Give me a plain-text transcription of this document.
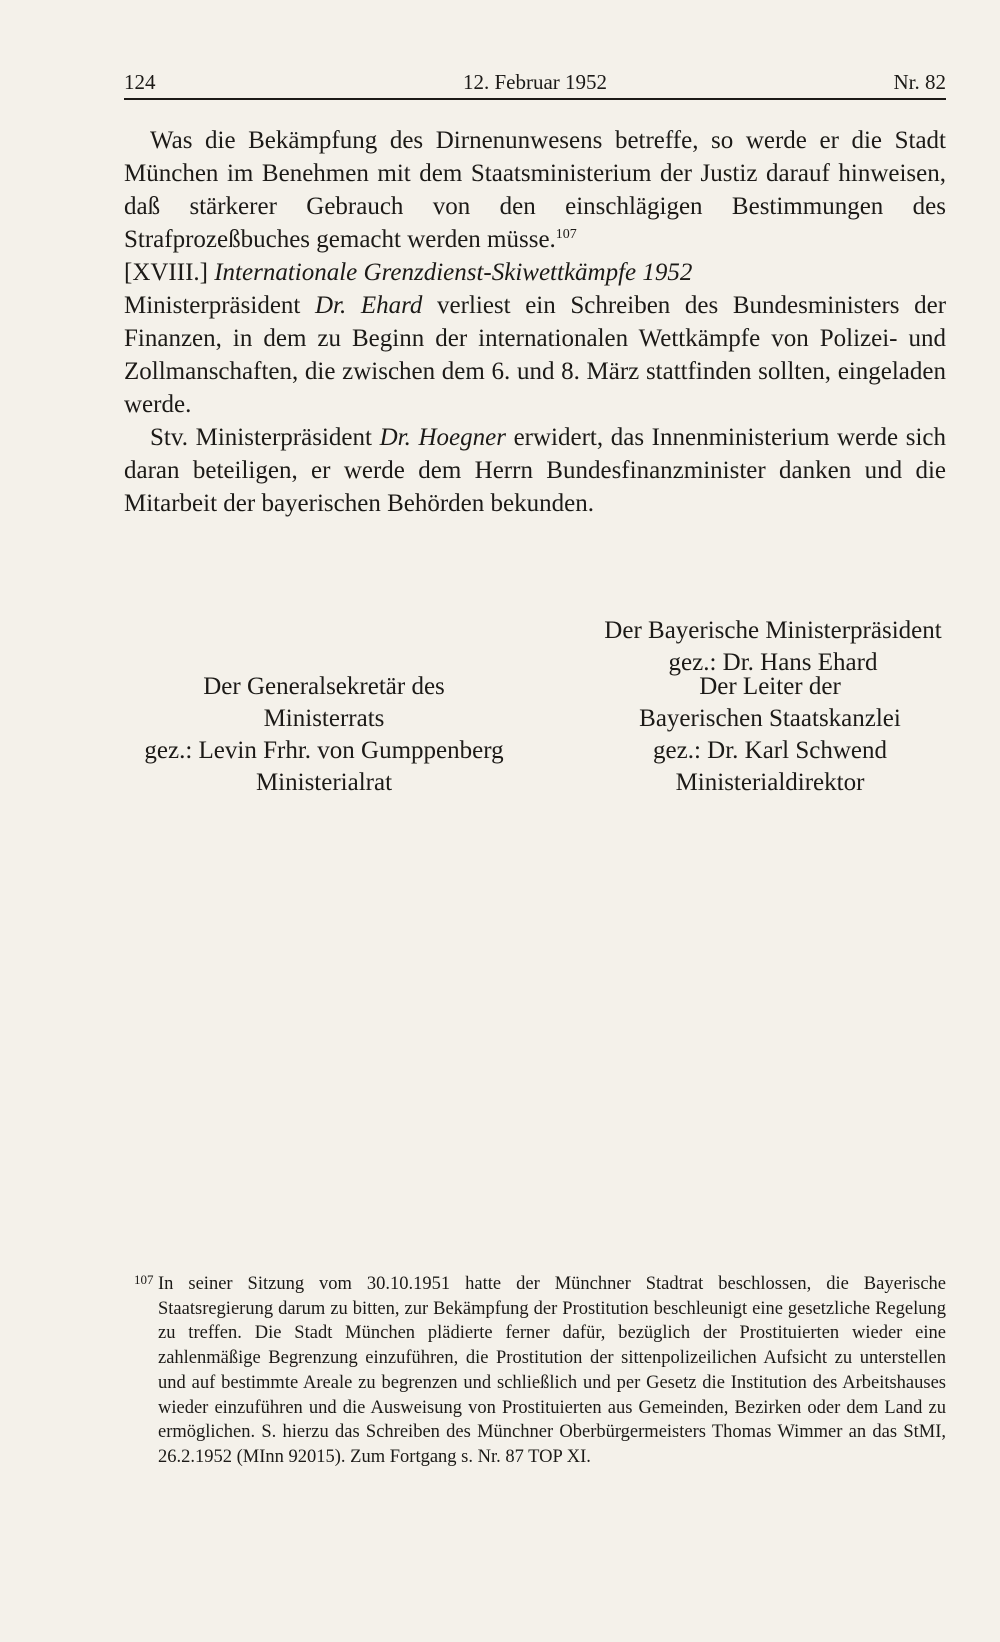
124	12. Februar 1952	Nr. 82

Was die Bekämpfung des Dirnenunwesens betreffe, so werde er die Stadt München im Benehmen mit dem Staatsministerium der Justiz darauf hinweisen, daß stärkerer Gebrauch von den einschlägigen Bestimmungen des Strafprozeßbuches gemacht werden müsse.$^{107}$

[XVIII.] Internationale Grenzdienst-Skiwettkämpfe 1952

Ministerpräsident Dr. Ehard verliest ein Schreiben des Bundesministers der Finanzen, in dem zu Beginn der internationalen Wettkämpfe von Polizei- und Zollmanschaften, die zwischen dem 6. und 8. März stattfinden sollten, eingeladen werde.

Stv. Ministerpräsident Dr. Hoegner erwidert, das Innenministerium werde sich daran beteiligen, er werde dem Herrn Bundesfinanzminister danken und die Mitarbeit der bayerischen Behörden bekunden.

Der Bayerische Ministerpräsident
gez.: Dr. Hans Ehard
Der Generalsekretär des
Ministerrats
gez.: Levin Frhr. von Gumppenberg
Ministerialrat
Der Leiter der
Bayerischen Staatskanzlei
gez.: Dr. Karl Schwend
Ministerialdirektor
107 In seiner Sitzung vom 30.10.1951 hatte der Münchner Stadtrat beschlossen, die Bayerische Staatsregierung darum zu bitten, zur Bekämpfung der Prostitution beschleunigt eine gesetzliche Regelung zu treffen. Die Stadt München plädierte ferner dafür, bezüglich der Prostituierten wieder eine zahlenmäßige Begrenzung einzuführen, die Prostitution der sittenpolizeilichen Aufsicht zu unterstellen und auf bestimmte Areale zu begrenzen und schließlich und per Gesetz die Institution des Arbeitshauses wieder einzuführen und die Ausweisung von Prostituierten aus Gemeinden, Bezirken oder dem Land zu ermöglichen. S. hierzu das Schreiben des Münchner Oberbürgermeisters Thomas Wimmer an das StMI, 26.2.1952 (MInn 92015). Zum Fortgang s. Nr. 87 TOP XI.
